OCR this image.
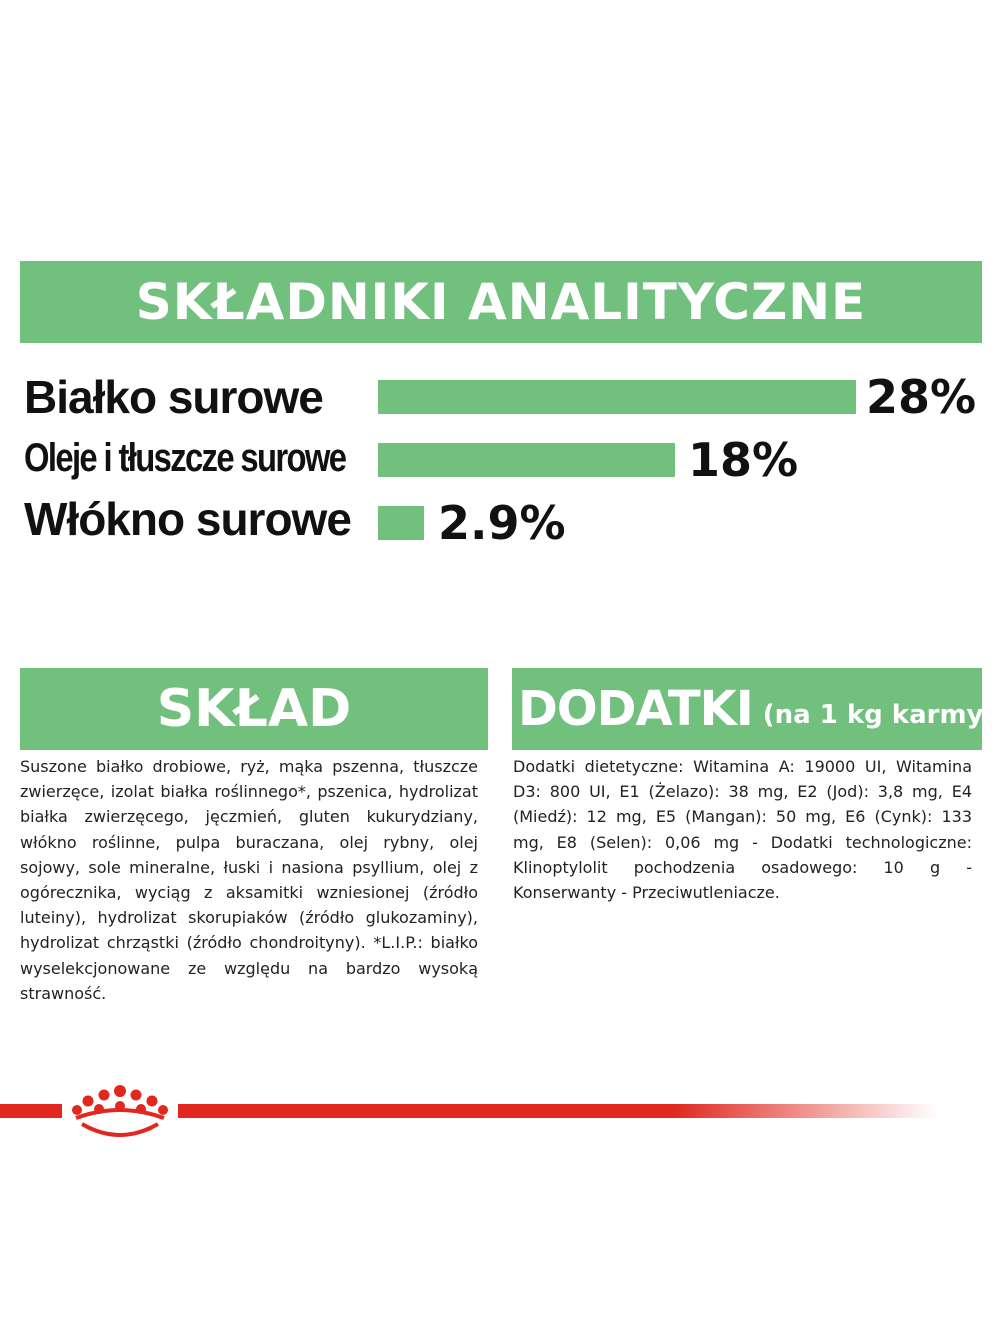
SKŁADNIKI ANALITYCZNE
Białko surowe	28%
Oleje i tłuszcze surowe	18%
Włókno surowe 2.9%
SKŁAD
Suszone białko drobiowe, ryż, mąka pszenna, tłuszcze zwierzęce, izolat białka roślinnego*, pszenica, hydrolizat białka zwierzęcego, jęczmień, gluten kukurydziany, włókno roślinne, pulpa buraczana, olej rybny, olej sojowy, sole mineralne, łuski i nasiona psyllium, olej z ogórecznika, wyciąg z aksamitki wzniesionej (źródło luteiny), hydrolizat skorupiaków (źródło glukozaminy), hydrolizat chrząstki (źródło chondroityny). *L.I.P.: białko wyselekcjonowane ze względu na bardzo wysoką strawność.
DODATKI (na 1 kg karmy)
Dodatki dietetyczne: Witamina A: 19000 UI, Witamina D3: 800 UI, E1 (Żelazo): 38 mg, E2 (Jod): 3,8 mg, E4 (Miedź): 12 mg, E5 (Mangan): 50 mg, E6 (Cynk): 133 mg, E8 (Selen): 0,06 mg - Dodatki technologiczne: Klinoptylolit pochodzenia osadowego: 10 g - Konserwanty - Przeciwutleniacze.
